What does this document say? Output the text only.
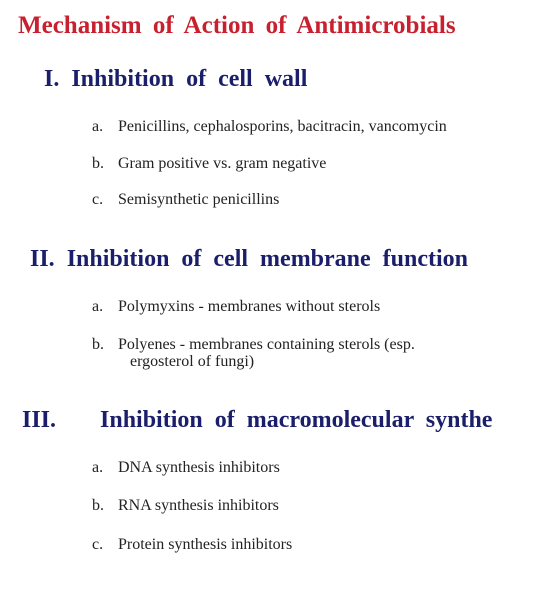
Mechanism of Action of Antimicrobials
I. Inhibition of cell wall
a. Penicillins, cephalosporins, bacitracin, vancomycin
b. Gram positive vs. gram negative
c. Semisynthetic penicillins
II. Inhibition of cell membrane function
a. Polymyxins - membranes without sterols
b. Polyenes - membranes containing sterols (esp.
ergosterol of fungi)
III. Inhibition of macromolecular synthe
a. DNA synthesis inhibitors
b. RNA synthesis inhibitors
c. Protein synthesis inhibitors
